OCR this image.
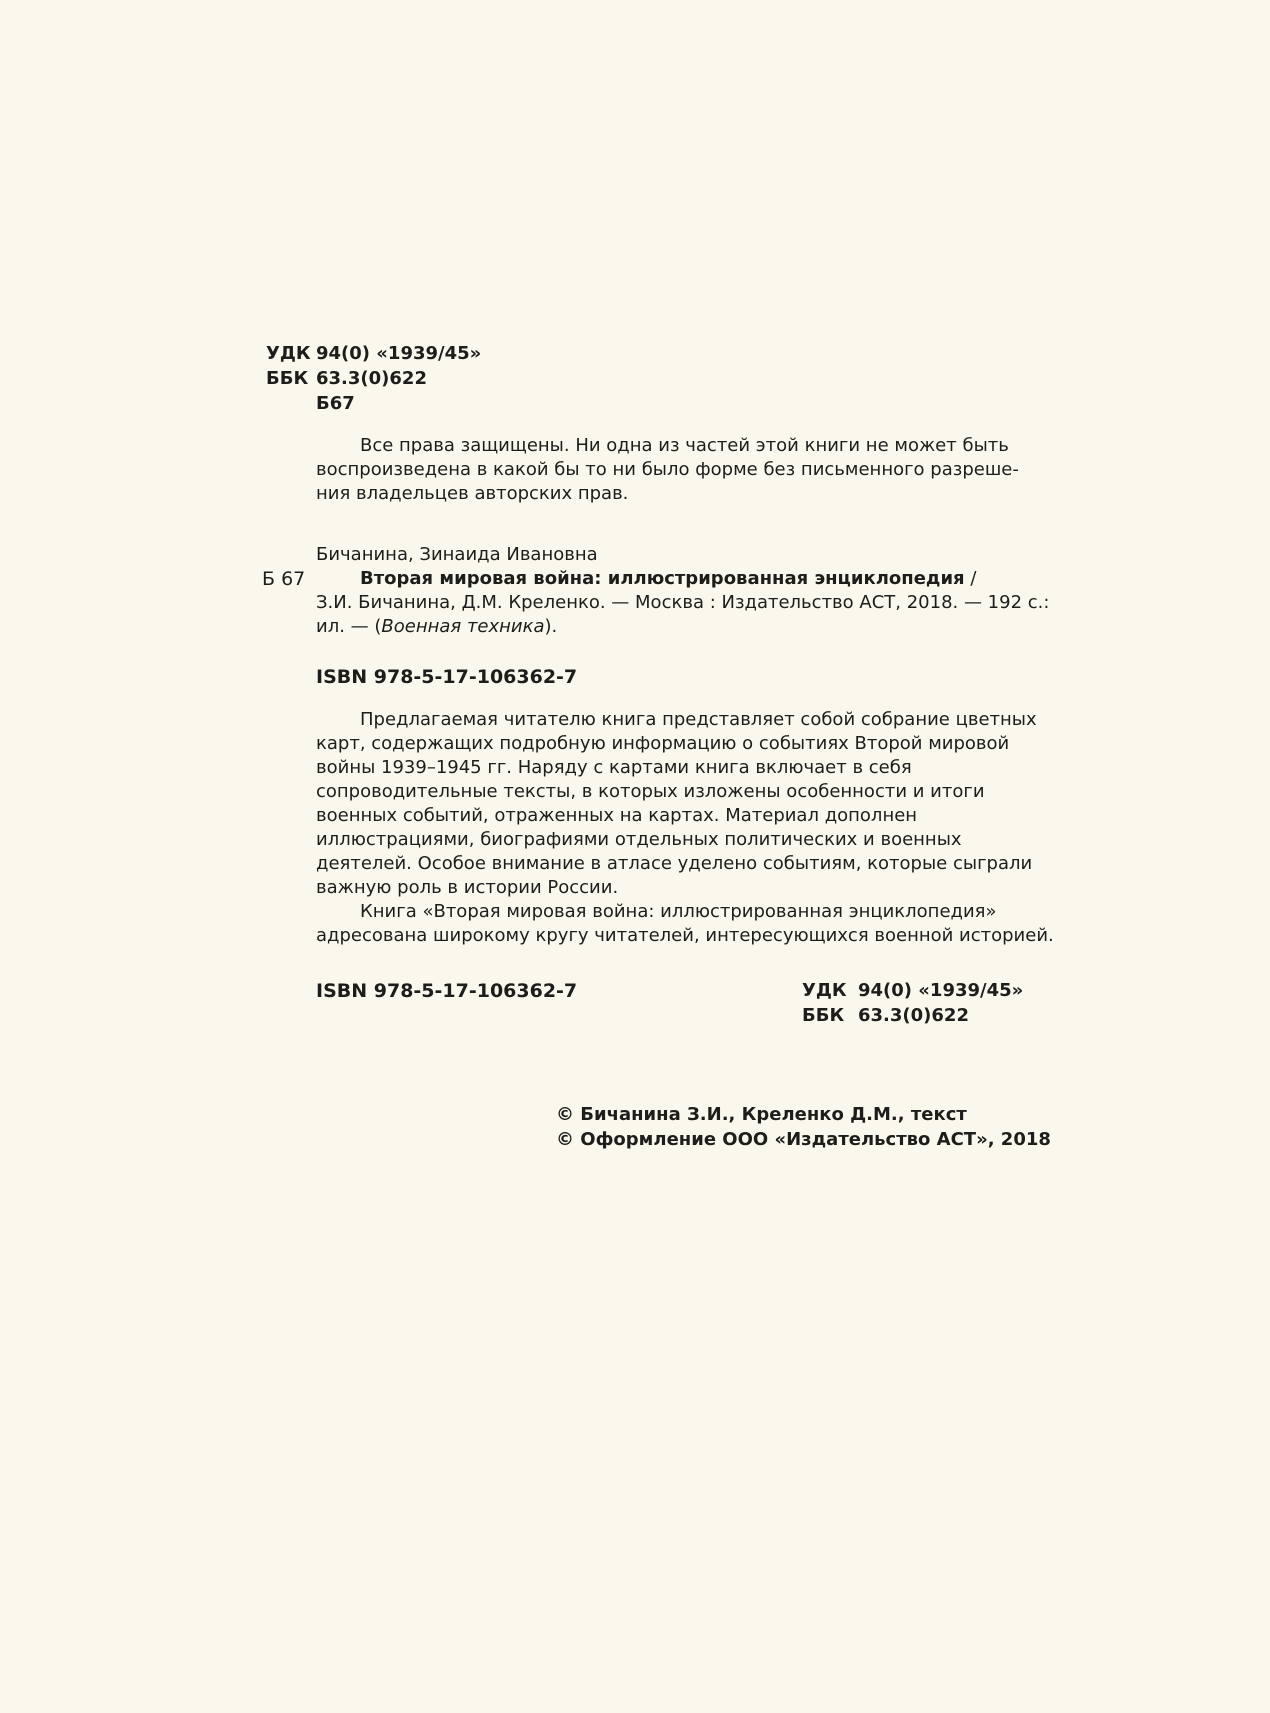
УДК 94(0) «1939/45»
ББК 63.3(0)622
Б67
Все права защищены. Ни одна из частей этой книги не может быть
воспроизведена в какой бы то ни было форме без письменного разреше-
ния владельцев авторских прав.
Бичанина, Зинаида Ивановна
Б 67	Вторая мировая война: иллюстрированная энциклопедия /
З.И. Бичанина, Д.М. Креленко. — Москва : Издательство АСТ, 2018. — 192 с.:
ил. — (Военная техника).
ISBN 978-5-17-106362-7
Предлагаемая читателю книга представляет собой собрание цветных
карт, содержащих подробную информацию о событиях Второй мировой
войны 1939–1945 гг. Наряду с картами книга включает в себя
сопроводительные тексты, в которых изложены особенности и итоги
военных событий, отраженных на картах. Материал дополнен
иллюстрациями, биографиями отдельных политических и военных
деятелей. Особое внимание в атласе уделено событиям, которые сыграли
важную роль в истории России.
Книга «Вторая мировая война: иллюстрированная энциклопедия»
адресована широкому кругу читателей, интересующихся военной историей.
ISBN 978-5-17-106362-7	УДК 94(0) «1939/45»
ББК 63.3(0)622
© Бичанина З.И., Креленко Д.М., текст
© Оформление ООО «Издательство АСТ», 2018
